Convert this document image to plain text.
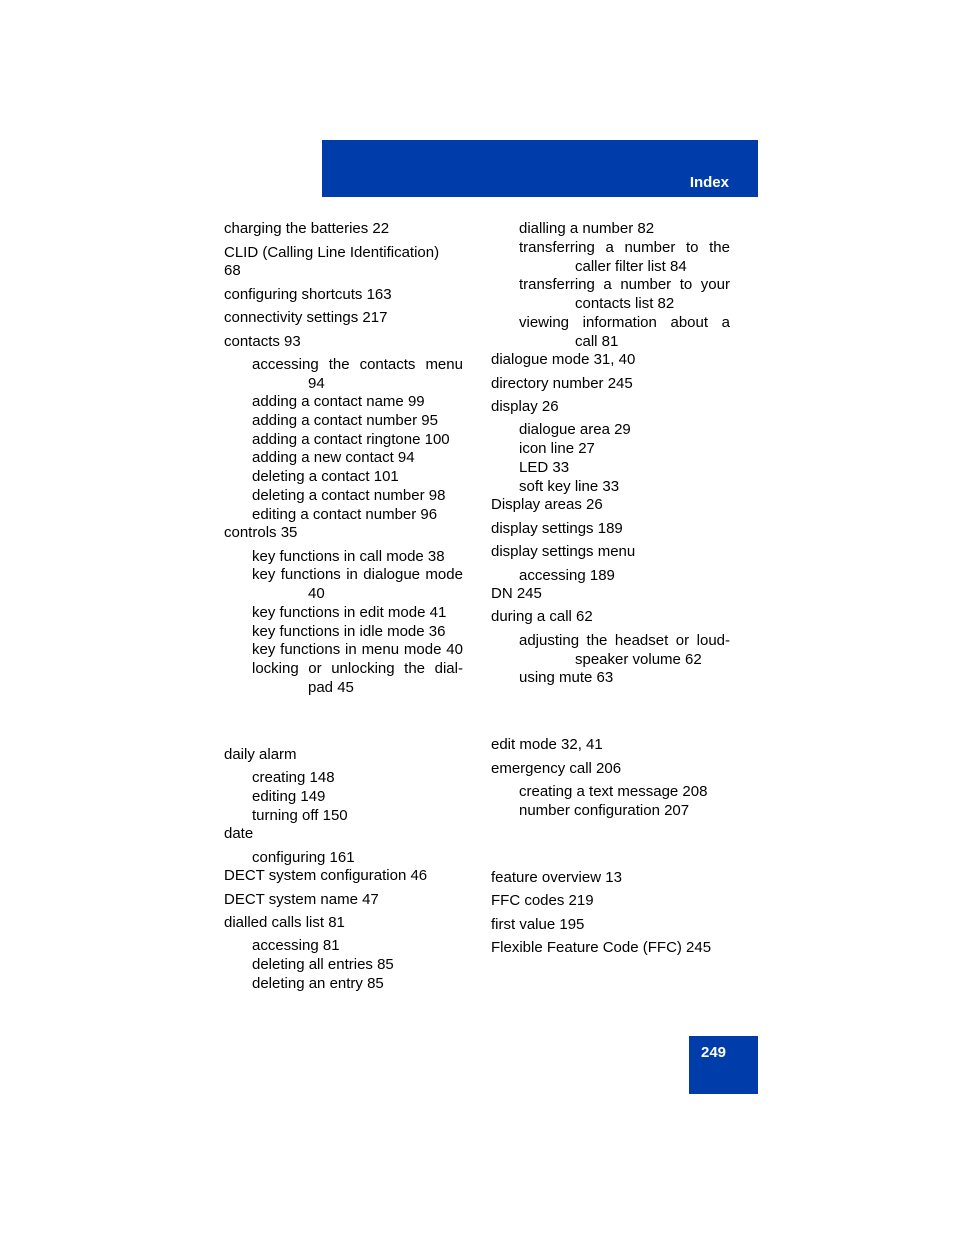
Index
charging the batteries 22
CLID (Calling Line Identification)
68
configuring shortcuts 163
connectivity settings 217
contacts 93
accessing the contacts menu
94
adding a contact name 99
adding a contact number 95
adding a contact ringtone 100
adding a new contact 94
deleting a contact 101
deleting a contact number 98
editing a contact number 96
controls 35
key functions in call mode 38
key functions in dialogue mode
40
key functions in edit mode 41
key functions in idle mode 36
key functions in menu mode 40
locking or unlocking the dial-
pad 45
daily alarm
creating 148
editing 149
turning off 150
date
configuring 161
DECT system configuration 46
DECT system name 47
dialled calls list 81
accessing 81
deleting all entries 85
deleting an entry 85
dialling a number 82
transferring a number to the
caller filter list 84
transferring a number to your
contacts list 82
viewing information about a
call 81
dialogue mode 31, 40
directory number 245
display 26
dialogue area 29
icon line 27
LED 33
soft key line 33
Display areas 26
display settings 189
display settings menu
accessing 189
DN 245
during a call 62
adjusting the headset or loud-
speaker volume 62
using mute 63
edit mode 32, 41
emergency call 206
creating a text message 208
number configuration 207
feature overview 13
FFC codes 219
first value 195
Flexible Feature Code (FFC) 245
249
